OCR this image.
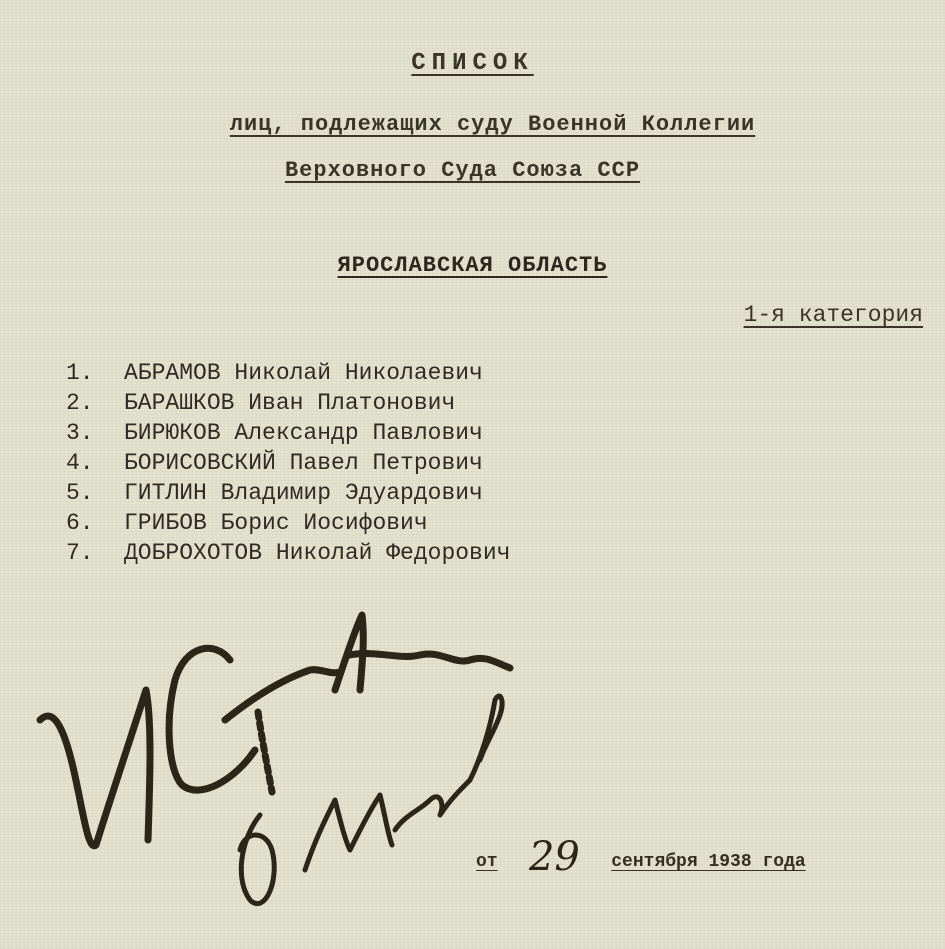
СПИСОК
лиц, подлежащих суду Военной Коллегии
Верховного Суда Союза ССР
ЯРОСЛАВСКАЯ ОБЛАСТЬ
1-я категория
1. АБРАМОВ Николай Николаевич
2. БАРАШКОВ Иван Платонович
3. БИРЮКОВ Александр Павлович
4. БОРИСОВСКИЙ Павел Петрович
5. ГИТЛИН Владимир Эдуардович
6. ГРИБОВ Борис Иосифович
7. ДОБРОХОТОВ Николай Федорович
от 29 сентября 1938 года
